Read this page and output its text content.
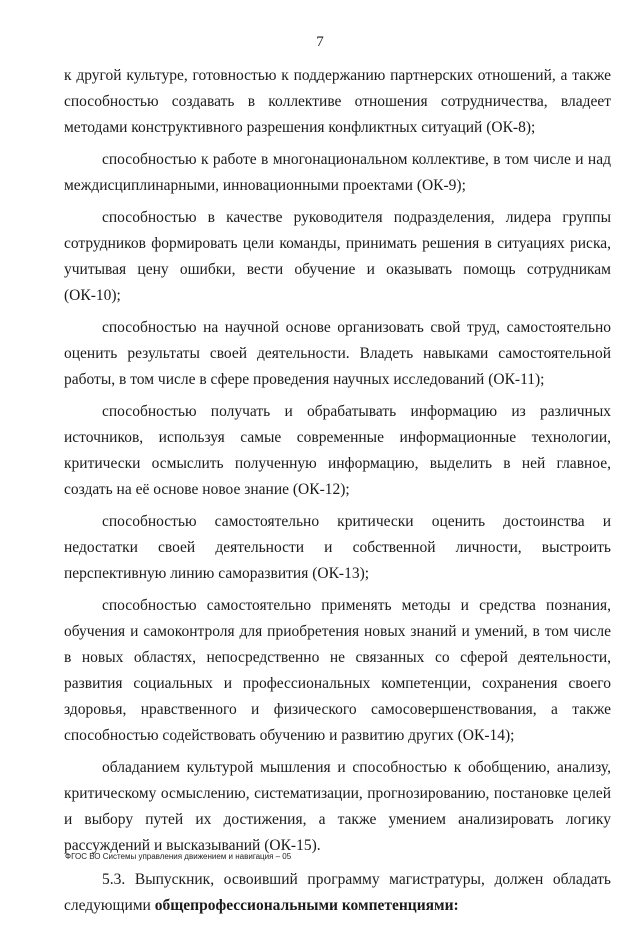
7

к другой культуре, готовностью к поддержанию партнерских отношений, а также способностью создавать в коллективе отношения сотрудничества, владеет методами конструктивного разрешения конфликтных ситуаций (ОК-8);

способностью к работе в многонациональном коллективе, в том числе и над междисциплинарными, инновационными проектами (ОК-9);

способностью в качестве руководителя подразделения, лидера группы сотрудников формировать цели команды, принимать решения в ситуациях риска, учитывая цену ошибки, вести обучение и оказывать помощь сотрудникам (ОК-10);

способностью на научной основе организовать свой труд, самостоятельно оценить результаты своей деятельности. Владеть навыками самостоятельной работы, в том числе в сфере проведения научных исследований (ОК-11);

способностью получать и обрабатывать информацию из различных источников, используя самые современные информационные технологии, критически осмыслить полученную информацию, выделить в ней главное, создать на её основе новое знание (ОК-12);

способностью самостоятельно критически оценить достоинства и недостатки своей деятельности и собственной личности, выстроить перспективную линию саморазвития (ОК-13);

способностью самостоятельно применять методы и средства познания, обучения и самоконтроля для приобретения новых знаний и умений, в том числе в новых областях, непосредственно не связанных со сферой деятельности, развития социальных и профессиональных компетенции, сохранения своего здоровья, нравственного и физического самосовершенствования, а также способностью содействовать обучению и развитию других (ОК-14);

обладанием культурой мышления и способностью к обобщению, анализу, критическому осмыслению, систематизации, прогнозированию, постановке целей и выбору путей их достижения, а также умением анализировать логику рассуждений и высказываний (ОК-15).

5.3. Выпускник, освоивший программу магистратуры, должен обладать следующими общепрофессиональными компетенциями:

ФГОС ВО Системы управления движением и навигация – 05
